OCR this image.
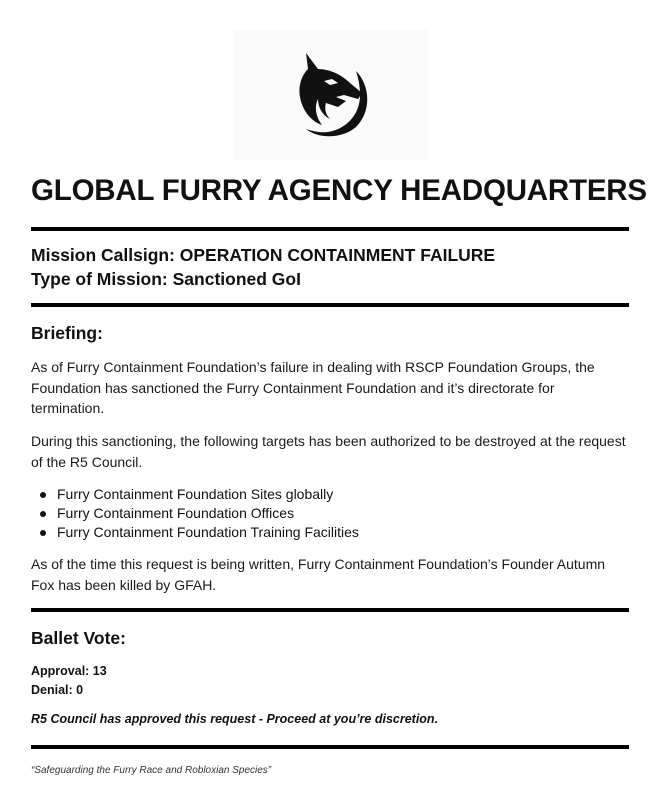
GLOBAL FURRY AGENCY HEADQUARTERS
Mission Callsign: OPERATION CONTAINMENT FAILURE
Type of Mission: Sanctioned GoI
Briefing:
As of Furry Containment Foundation’s failure in dealing with RSCP Foundation Groups, the Foundation has sanctioned the Furry Containment Foundation and it’s directorate for termination.
During this sanctioning, the following targets has been authorized to be destroyed at the request of the R5 Council.
Furry Containment Foundation Sites globally
Furry Containment Foundation Offices
Furry Containment Foundation Training Facilities
As of the time this request is being written, Furry Containment Foundation’s Founder Autumn Fox has been killed by GFAH.
Ballet Vote:
Approval: 13
Denial: 0
R5 Council has approved this request - Proceed at you’re discretion.
“Safeguarding the Furry Race and Robloxian Species”
